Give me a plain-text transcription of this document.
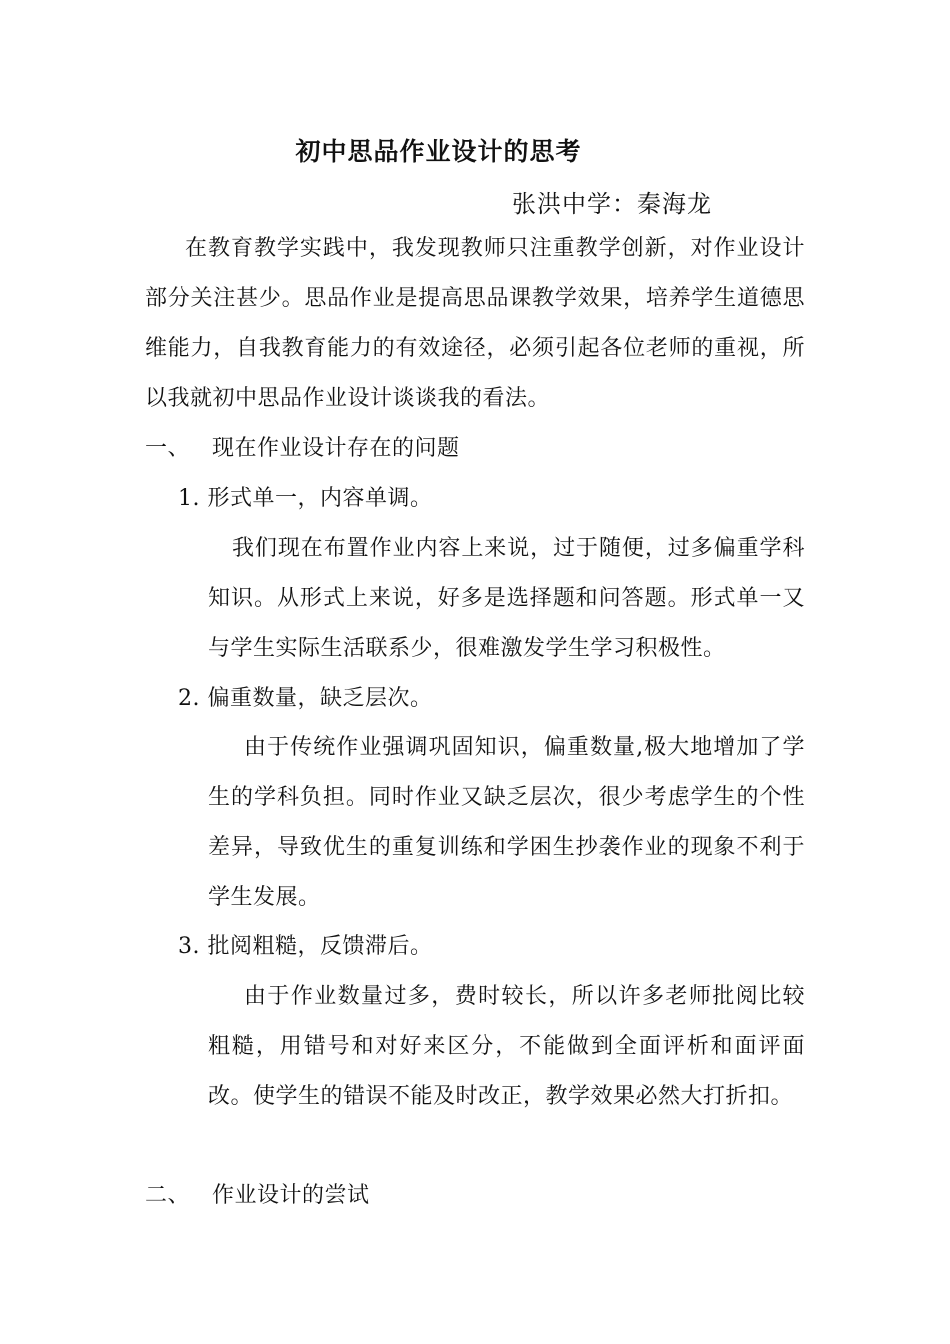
初中思品作业设计的思考
张洪中学：秦海龙
在教育教学实践中，我发现教师只注重教学创新，对作业设计部分关注甚少。思品作业是提高思品课教学效果，培养学生道德思维能力，自我教育能力的有效途径，必须引起各位老师的重视，所以我就初中思品作业设计谈谈我的看法。
一、 现在作业设计存在的问题
1. 形式单一，内容单调。
我们现在布置作业内容上来说，过于随便，过多偏重学科知识。从形式上来说，好多是选择题和问答题。形式单一又与学生实际生活联系少，很难激发学生学习积极性。
2. 偏重数量，缺乏层次。
由于传统作业强调巩固知识，偏重数量,极大地增加了学生的学科负担。同时作业又缺乏层次，很少考虑学生的个性差异，导致优生的重复训练和学困生抄袭作业的现象不利于学生发展。
3. 批阅粗糙，反馈滞后。
由于作业数量过多，费时较长，所以许多老师批阅比较粗糙，用错号和对好来区分，不能做到全面评析和面评面改。使学生的错误不能及时改正，教学效果必然大打折扣。
二、 作业设计的尝试
